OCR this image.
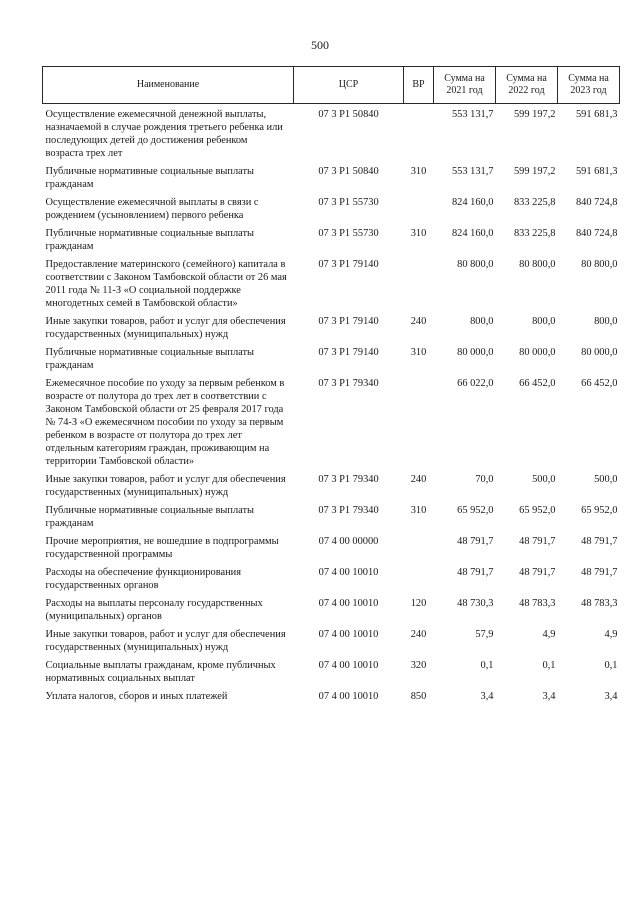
500
Наименование	ЦСР	ВР	Сумма на 2021 год	Сумма на 2022 год	Сумма на 2023 год
Осуществление ежемесячной денежной выплаты, назначаемой в случае рождения третьего ребенка или последующих детей до достижения ребенком возраста трех лет	07 3 P1 50840		553 131,7	599 197,2	591 681,3
Публичные нормативные социальные выплаты гражданам	07 3 P1 50840	310	553 131,7	599 197,2	591 681,3
Осуществление ежемесячной выплаты в связи с рождением (усыновлением) первого ребенка	07 3 P1 55730		824 160,0	833 225,8	840 724,8
Публичные нормативные социальные выплаты гражданам	07 3 P1 55730	310	824 160,0	833 225,8	840 724,8
Предоставление материнского (семейного) капитала в соответствии с Законом Тамбовской области от 26 мая 2011 года № 11-З «О социальной поддержке многодетных семей в Тамбовской области»	07 3 P1 79140		80 800,0	80 800,0	80 800,0
Иные закупки товаров, работ и услуг для обеспечения государственных (муниципальных) нужд	07 3 P1 79140	240	800,0	800,0	800,0
Публичные нормативные социальные выплаты гражданам	07 3 P1 79140	310	80 000,0	80 000,0	80 000,0
Ежемесячное пособие по уходу за первым ребенком в возрасте от полутора до трех лет в соответствии с Законом Тамбовской области от 25 февраля 2017 года № 74-З «О ежемесячном пособии по уходу за первым ребенком в возрасте от полутора до трех лет отдельным категориям граждан, проживающим на территории Тамбовской области»	07 3 P1 79340		66 022,0	66 452,0	66 452,0
Иные закупки товаров, работ и услуг для обеспечения государственных (муниципальных) нужд	07 3 P1 79340	240	70,0	500,0	500,0
Публичные нормативные социальные выплаты гражданам	07 3 P1 79340	310	65 952,0	65 952,0	65 952,0
Прочие мероприятия, не вошедшие в подпрограммы государственной программы	07 4 00 00000		48 791,7	48 791,7	48 791,7
Расходы на обеспечение функционирования государственных органов	07 4 00 10010		48 791,7	48 791,7	48 791,7
Расходы на выплаты персоналу государственных (муниципальных) органов	07 4 00 10010	120	48 730,3	48 783,3	48 783,3
Иные закупки товаров, работ и услуг для обеспечения государственных (муниципальных) нужд	07 4 00 10010	240	57,9	4,9	4,9
Социальные выплаты гражданам, кроме публичных нормативных социальных выплат	07 4 00 10010	320	0,1	0,1	0,1
Уплата налогов, сборов и иных платежей	07 4 00 10010	850	3,4	3,4	3,4
